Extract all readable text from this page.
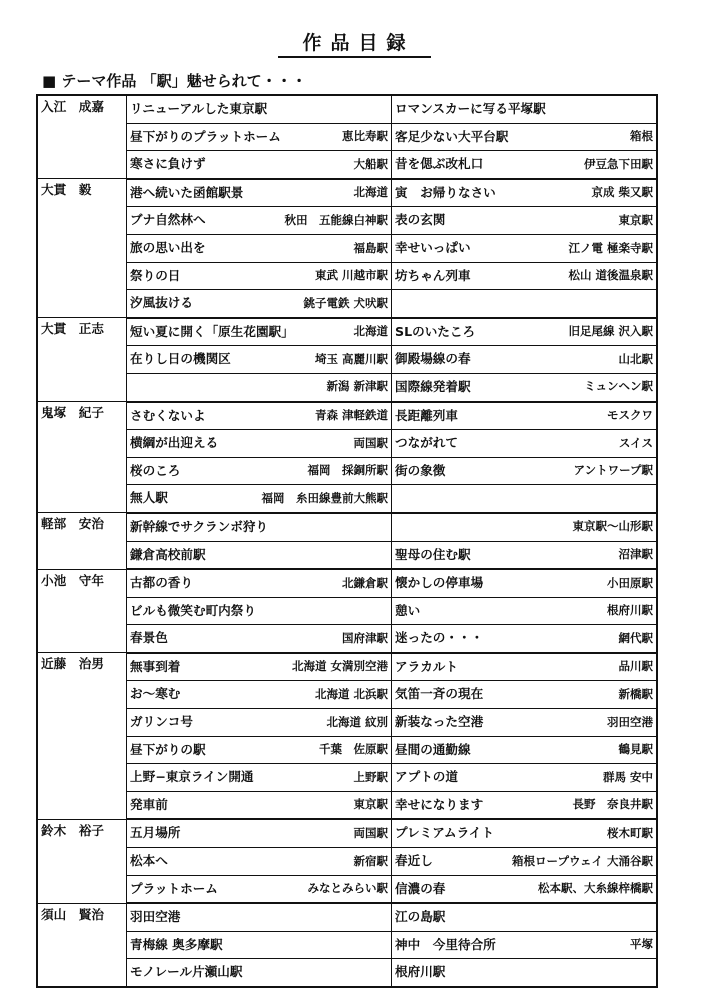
作品目録
■ テーマ作品 「駅」魅せられて・・・
入江　成嘉	リニューアルした東京駅	ロマンスカーに写る平塚駅

	昼下がりのプラットホーム 恵比寿駅	客足少ない大平台駅 箱根

	寒さに負けず 大船駅	昔を偲ぶ改札口 伊豆急下田駅

大貫　毅	港へ続いた函館駅景 北海道	寅　お帰りなさい 京成 柴又駅

	ブナ自然林へ 秋田　五能線白神駅	表の玄関 東京駅

	旅の思い出を 福島駅	幸せいっぱい 江ノ電 極楽寺駅

	祭りの日 東武 川越市駅	坊ちゃん列車 松山 道後温泉駅

	汐風抜ける 銚子電鉄 犬吠駅	

大貫　正志	短い夏に開く「原生花園駅」 北海道	SLのいたころ 旧足尾線 沢入駅

	在りし日の機関区 埼玉 高麗川駅	御殿場線の春 山北駅

	新潟 新津駅	国際線発着駅 ミュンヘン駅

鬼塚　紀子	さむくないよ 青森 津軽鉄道	長距離列車 モスクワ

	横綱が出迎える 両国駅	つながれて スイス

	桜のころ 福岡　採銅所駅	街の象徴 アントワープ駅

	無人駅 福岡　糸田線豊前大熊駅	

軽部　安治	新幹線でサクランボ狩り	東京駅～山形駅

	鎌倉高校前駅	聖母の住む駅 沼津駅

小池　守年	古都の香り 北鎌倉駅	懐かしの停車場 小田原駅

	ビルも微笑む町内祭り	憩い 根府川駅

	春景色 国府津駅	迷ったの・・・ 網代駅

近藤　治男	無事到着 北海道 女満別空港	アラカルト 品川駅

	お～寒む 北海道 北浜駅	気笛一斉の現在 新橋駅

	ガリンコ号 北海道 紋別	新装なった空港 羽田空港

	昼下がりの駅 千葉　佐原駅	昼間の通勤線 鶴見駅

	上野−東京ライン開通 上野駅	アプトの道 群馬 安中

	発車前 東京駅	幸せになります 長野　奈良井駅

鈴木　裕子	五月場所 両国駅	プレミアムライト 桜木町駅

	松本へ 新宿駅	春近し 箱根ロープウェイ 大涌谷駅

	プラットホーム みなとみらい駅	信濃の春 松本駅、大糸線梓橋駅

須山　賢治	羽田空港	江の島駅

	青梅線 奥多摩駅	神中　今里待合所 平塚

	モノレール片瀬山駅	根府川駅
